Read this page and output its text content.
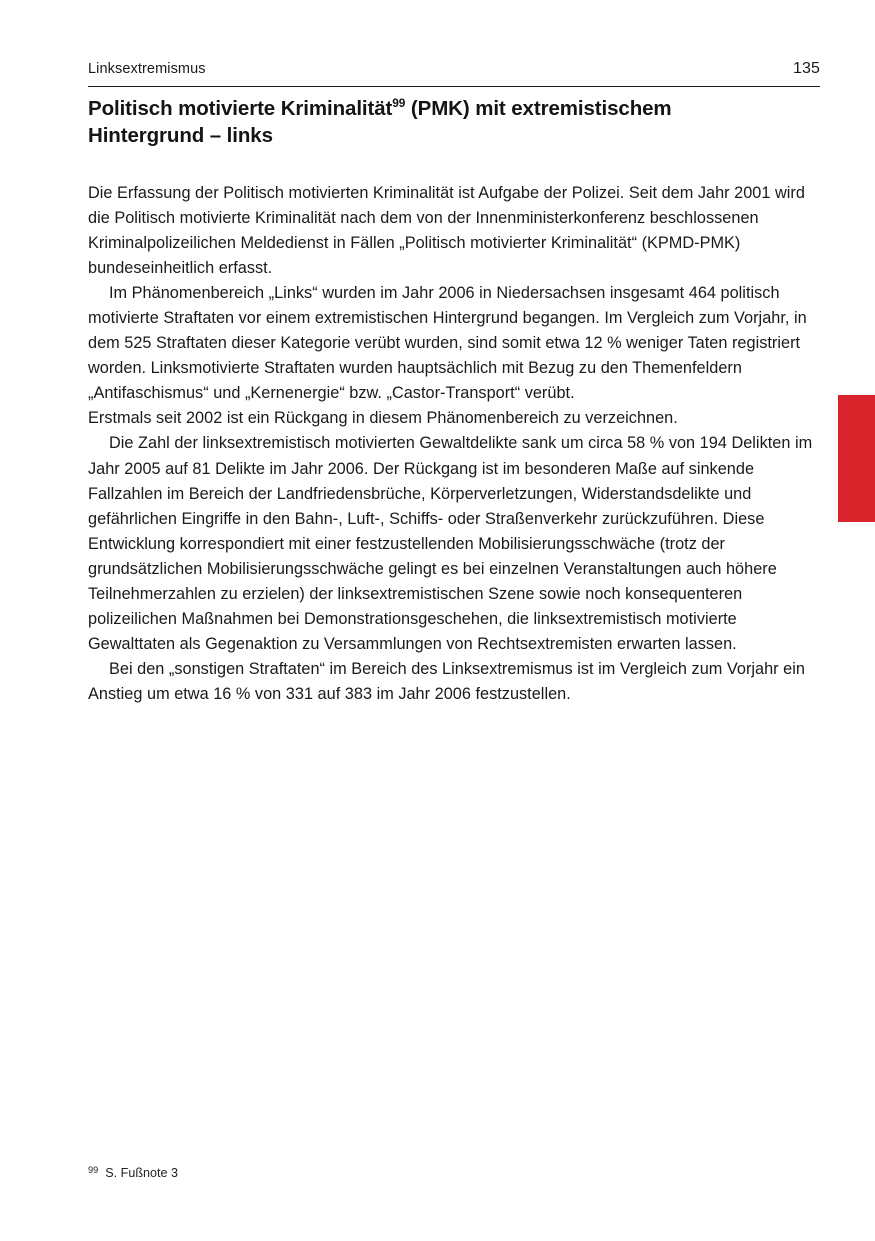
Linksextremismus	135
Politisch motivierte Kriminalität$^{99}$ (PMK) mit extremistischem Hintergrund – links

Die Erfassung der Politisch motivierten Kriminalität ist Aufgabe der Polizei. Seit dem Jahr 2001 wird die Politisch motivierte Kriminalität nach dem von der Innenministerkonferenz beschlossenen Kriminalpolizeilichen Meldedienst in Fällen „Politisch motivierter Kriminalität“ (KPMD-PMK) bundeseinheitlich erfasst.

Im Phänomenbereich „Links“ wurden im Jahr 2006 in Niedersachsen insgesamt 464 politisch motivierte Straftaten vor einem extremistischen Hintergrund begangen. Im Vergleich zum Vorjahr, in dem 525 Straftaten dieser Kategorie verübt wurden, sind somit etwa 12 % weniger Taten registriert worden. Linksmotivierte Straftaten wurden hauptsächlich mit Bezug zu den Themenfeldern „Antifaschismus“ und „Kernenergie“ bzw. „Castor-Transport“ verübt.

Erstmals seit 2002 ist ein Rückgang in diesem Phänomenbereich zu verzeichnen.

Die Zahl der linksextremistisch motivierten Gewaltdelikte sank um circa 58 % von 194 Delikten im Jahr 2005 auf 81 Delikte im Jahr 2006. Der Rückgang ist im besonderen Maße auf sinkende Fallzahlen im Bereich der Landfriedensbrüche, Körperverletzungen, Widerstandsdelikte und gefährlichen Eingriffe in den Bahn-, Luft-, Schiffs- oder Straßenverkehr zurückzuführen. Diese Entwicklung korrespondiert mit einer festzustellenden Mobilisierungsschwäche (trotz der grundsätzlichen Mobilisierungsschwäche gelingt es bei einzelnen Veranstaltungen auch höhere Teilnehmerzahlen zu erzielen) der linksextremistischen Szene sowie noch konsequenteren polizeilichen Maßnahmen bei Demonstrationsgeschehen, die linksextremistisch motivierte Gewalttaten als Gegenaktion zu Versammlungen von Rechtsextremisten erwarten lassen.

Bei den „sonstigen Straftaten“ im Bereich des Linksextremismus ist im Vergleich zum Vorjahr ein Anstieg um etwa 16 % von 331 auf 383 im Jahr 2006 festzustellen.

99 S. Fußnote 3
